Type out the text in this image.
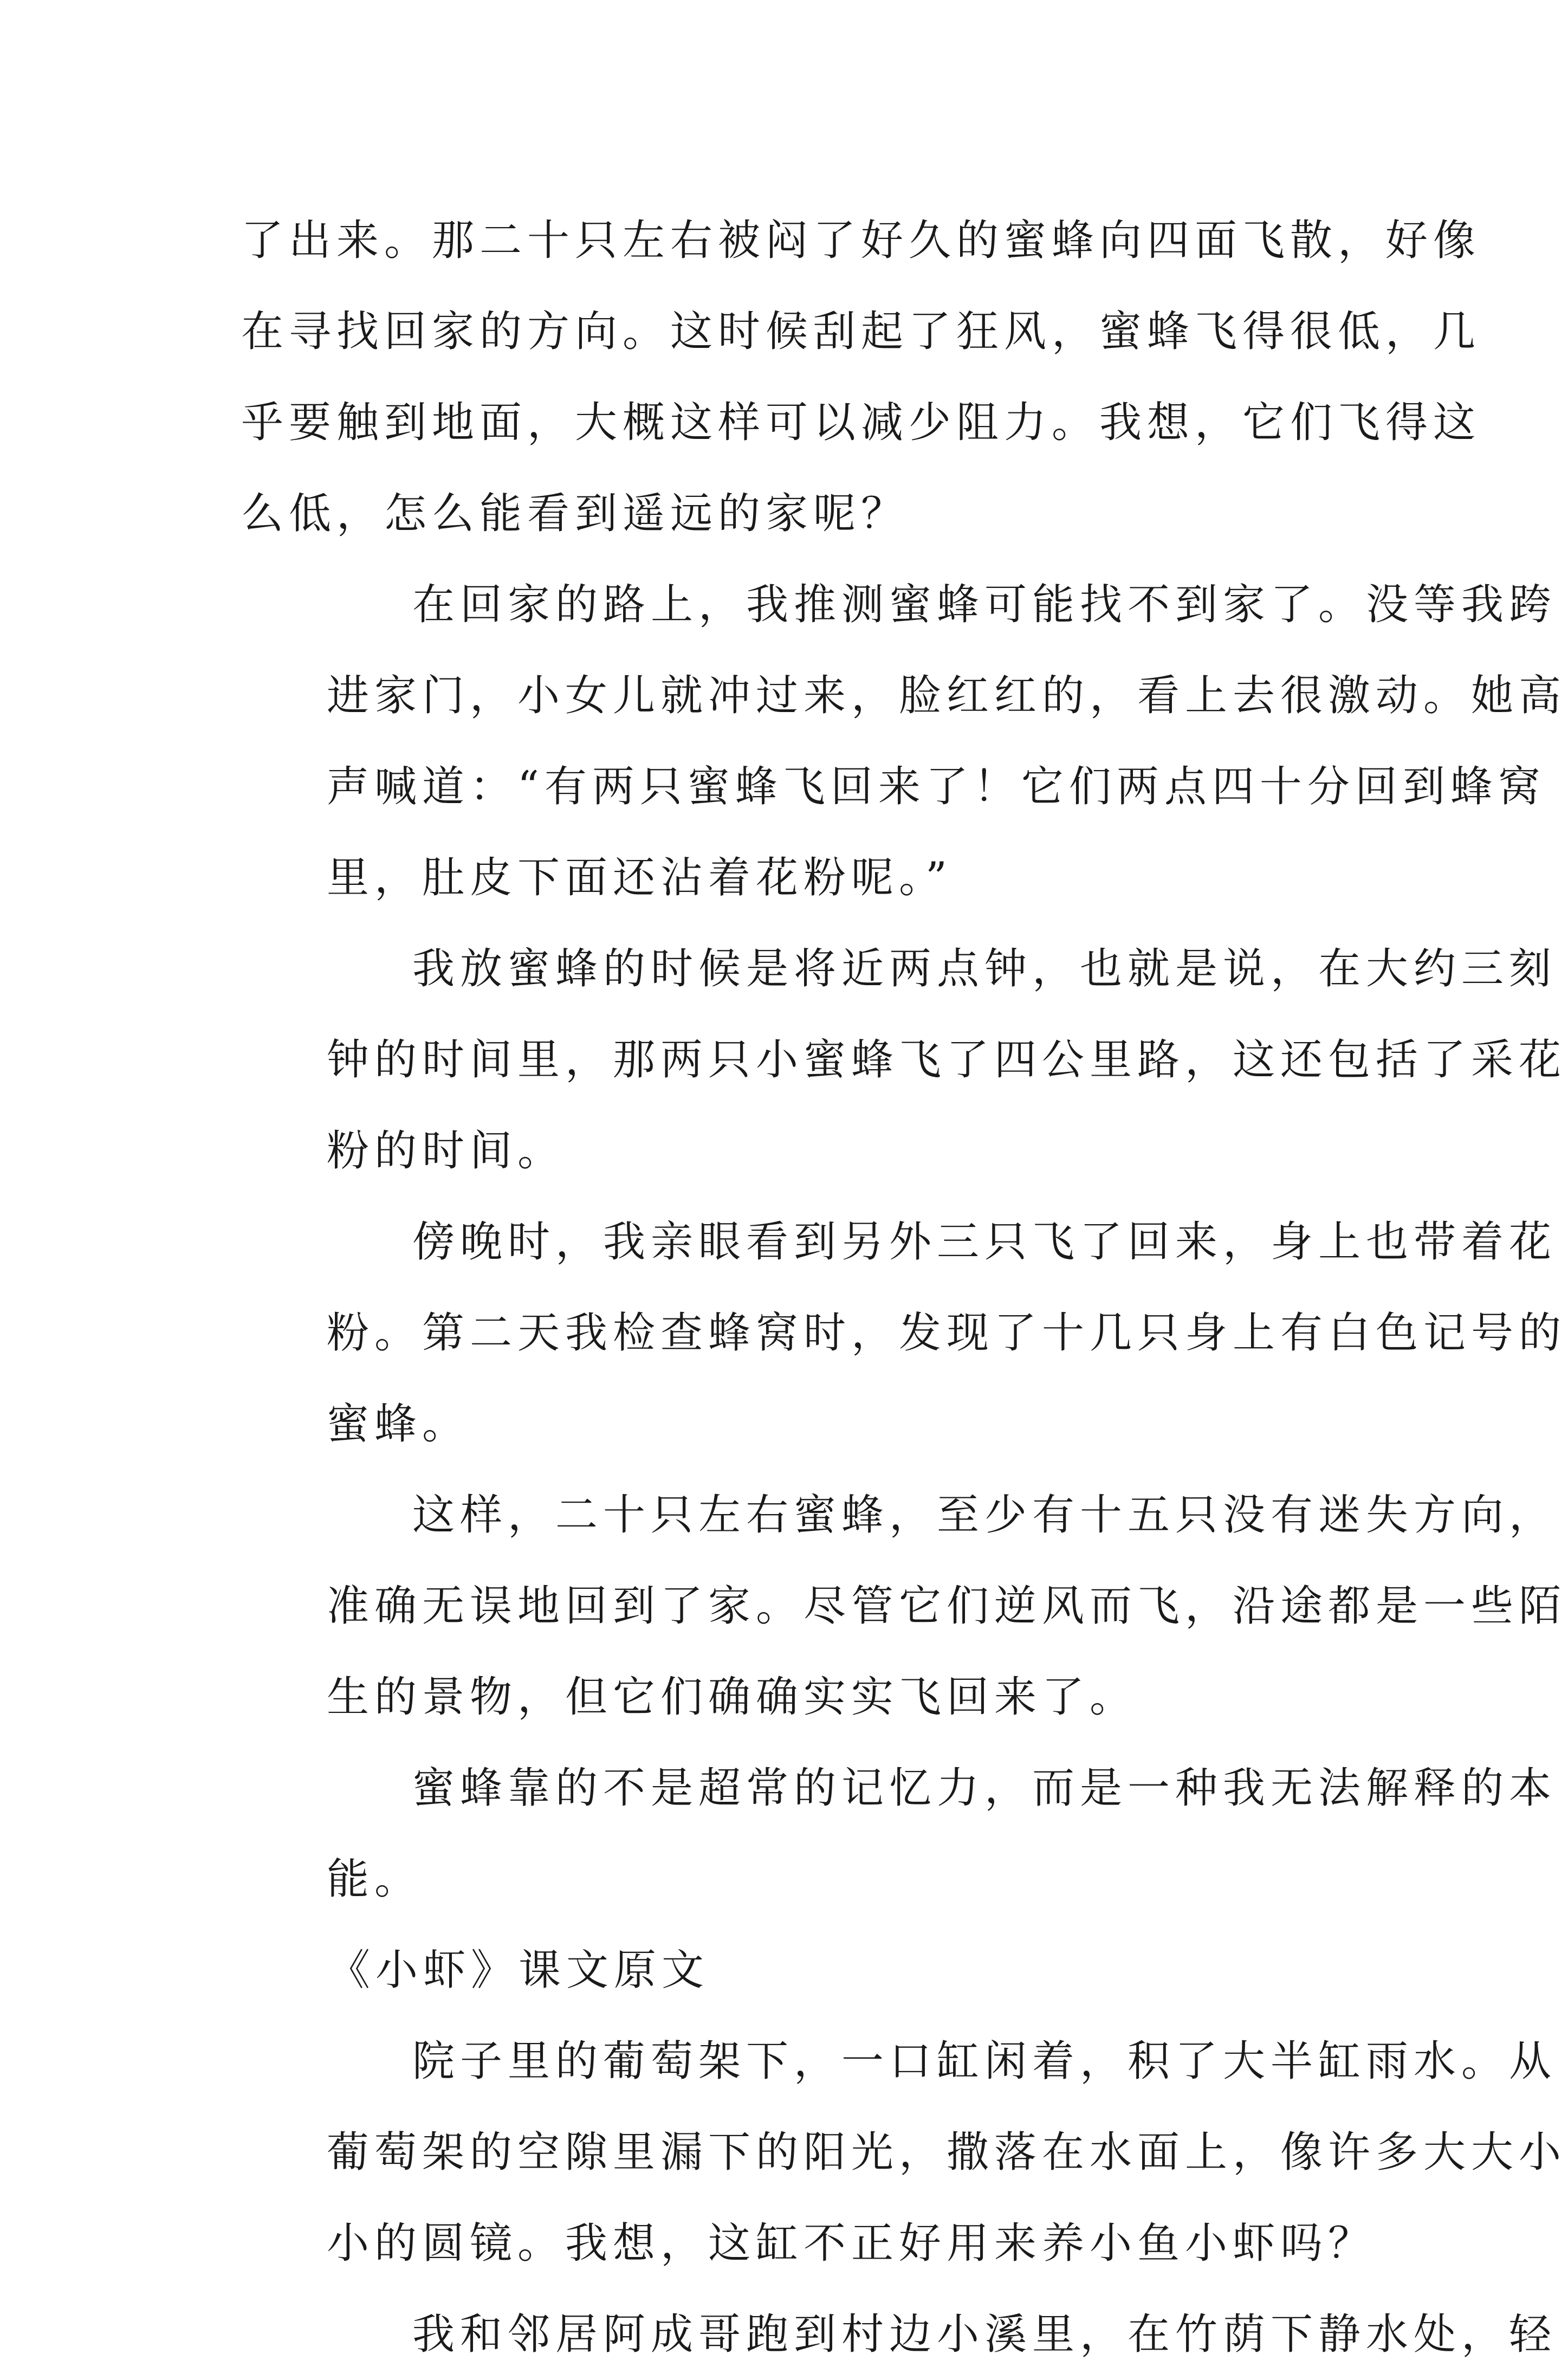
了出来。那二十只左右被闷了好久的蜜蜂向四面飞散，好像
在寻找回家的方向。这时候刮起了狂风，蜜蜂飞得很低，几
乎要触到地面，大概这样可以减少阻力。我想，它们飞得这
么低，怎么能看到遥远的家呢？

在回家的路上，我推测蜜蜂可能找不到家了。没等我跨
进家门，小女儿就冲过来，脸红红的，看上去很激动。她高
声喊道：“有两只蜜蜂飞回来了！它们两点四十分回到蜂窝
里，肚皮下面还沾着花粉呢。”

我放蜜蜂的时候是将近两点钟，也就是说，在大约三刻
钟的时间里，那两只小蜜蜂飞了四公里路，这还包括了采花
粉的时间。

傍晚时，我亲眼看到另外三只飞了回来，身上也带着花
粉。第二天我检查蜂窝时，发现了十几只身上有白色记号的
蜜蜂。

这样，二十只左右蜜蜂，至少有十五只没有迷失方向，
准确无误地回到了家。尽管它们逆风而飞，沿途都是一些陌
生的景物，但它们确确实实飞回来了。

蜜蜂靠的不是超常的记忆力，而是一种我无法解释的本
能。

《小虾》课文原文

院子里的葡萄架下，一口缸闲着，积了大半缸雨水。从
葡萄架的空隙里漏下的阳光，撒落在水面上，像许多大大小
小的圆镜。我想，这缸不正好用来养小鱼小虾吗？

我和邻居阿成哥跑到村边小溪里，在竹荫下静水处，轻
